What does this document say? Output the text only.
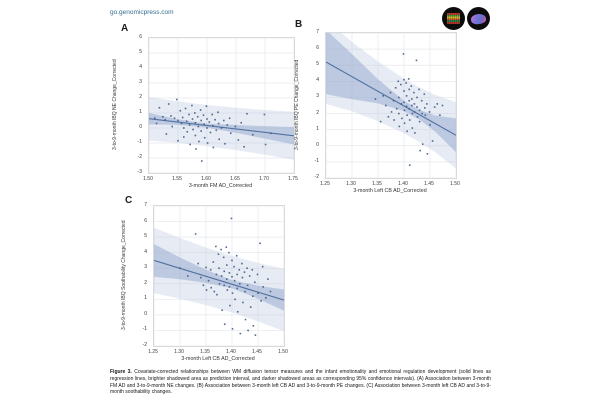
go.genomicpress.com
A
3-to-9-month IBQ NE Change_Corrected
-3
-2
-1
0
1
2
3
4
5
6
1.50	1.55	1.60	1.65	1.70	1.75
3-month FM AD_Corrected
B
3-to-9-month IBQ PE Change_Corrected
-2
-1
0
1
2
3
4
5
6
7
1.25	1.30	1.35	1.40	1.45	1.50
3-month Left CB AD_Corrected
C
3-to-9-month IBQ Soothability Change_Corrected
-2
-1
0
1
2
3
4
5
6
7
1.25	1.30	1.35	1.40	1.45	1.50
3-month Left CB AD_Corrected
Figure 3. Covariate-corrected relationships between WM diffusion tensor measures and the infant emotionality and emotional regulation development (solid lines as regression lines, brighter shadowed area as prediction interval, and darker shadowed areas as corresponding 95% confidence intervals). (A) Association between 3-month FM AD and 3-to-9-month NE changes. (B) Association between 3-month left CB AD and 3-to-9-month PE changes. (C) Association between 3-month left CB AD and 3-to-9-month soothability changes.
